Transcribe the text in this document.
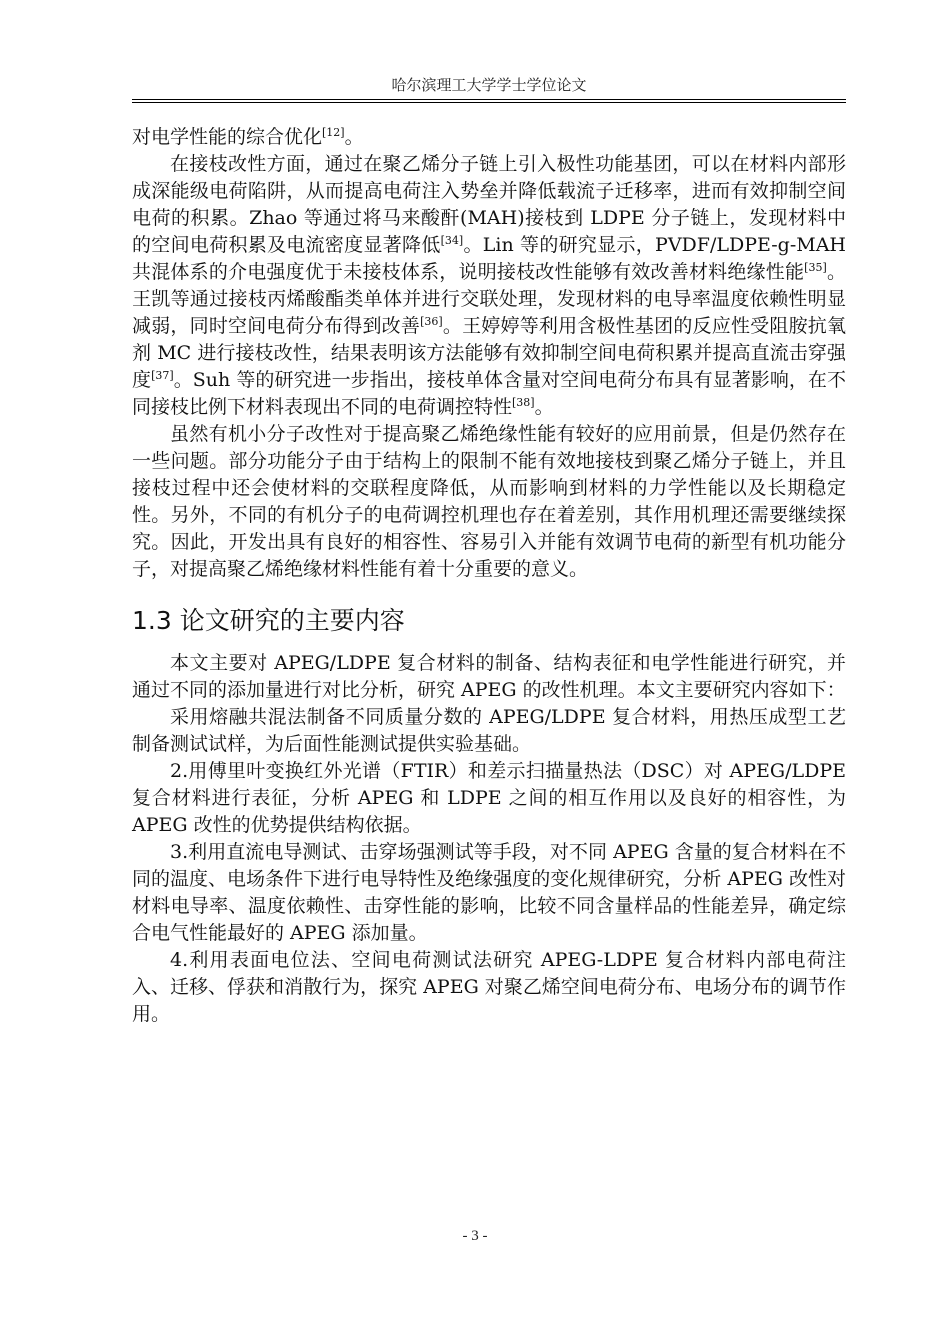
哈尔滨理工大学学士学位论文

对电学性能的综合优化[12]。

在接枝改性方面，通过在聚乙烯分子链上引入极性功能基团，可以在材料内部形成深能级电荷陷阱，从而提高电荷注入势垒并降低载流子迁移率，进而有效抑制空间电荷的积累。Zhao 等通过将马来酸酐(MAH)接枝到 LDPE 分子链上，发现材料中的空间电荷积累及电流密度显著降低[34]。Lin 等的研究显示，PVDF/LDPE-g-MAH 共混体系的介电强度优于未接枝体系，说明接枝改性能够有效改善材料绝缘性能[35]。王凯等通过接枝丙烯酸酯类单体并进行交联处理，发现材料的电导率温度依赖性明显减弱，同时空间电荷分布得到改善[36]。王婷婷等利用含极性基团的反应性受阻胺抗氧剂 MC 进行接枝改性，结果表明该方法能够有效抑制空间电荷积累并提高直流击穿强度[37]。Suh 等的研究进一步指出，接枝单体含量对空间电荷分布具有显著影响，在不同接枝比例下材料表现出不同的电荷调控特性[38]。

虽然有机小分子改性对于提高聚乙烯绝缘性能有较好的应用前景，但是仍然存在一些问题。部分功能分子由于结构上的限制不能有效地接枝到聚乙烯分子链上，并且接枝过程中还会使材料的交联程度降低，从而影响到材料的力学性能以及长期稳定性。另外，不同的有机分子的电荷调控机理也存在着差别，其作用机理还需要继续探究。因此，开发出具有良好的相容性、容易引入并能有效调节电荷的新型有机功能分子，对提高聚乙烯绝缘材料性能有着十分重要的意义。

1.3 论文研究的主要内容

本文主要对 APEG/LDPE 复合材料的制备、结构表征和电学性能进行研究，并通过不同的添加量进行对比分析，研究 APEG 的改性机理。本文主要研究内容如下：

采用熔融共混法制备不同质量分数的 APEG/LDPE 复合材料，用热压成型工艺制备测试试样，为后面性能测试提供实验基础。

2.用傅里叶变换红外光谱（FTIR）和差示扫描量热法（DSC）对 APEG/LDPE 复合材料进行表征，分析 APEG 和 LDPE 之间的相互作用以及良好的相容性，为 APEG 改性的优势提供结构依据。

3.利用直流电导测试、击穿场强测试等手段，对不同 APEG 含量的复合材料在不同的温度、电场条件下进行电导特性及绝缘强度的变化规律研究，分析 APEG 改性对材料电导率、温度依赖性、击穿性能的影响，比较不同含量样品的性能差异，确定综合电气性能最好的 APEG 添加量。

4.利用表面电位法、空间电荷测试法研究 APEG-LDPE 复合材料内部电荷注入、迁移、俘获和消散行为，探究 APEG 对聚乙烯空间电荷分布、电场分布的调节作用。

- 3 -
